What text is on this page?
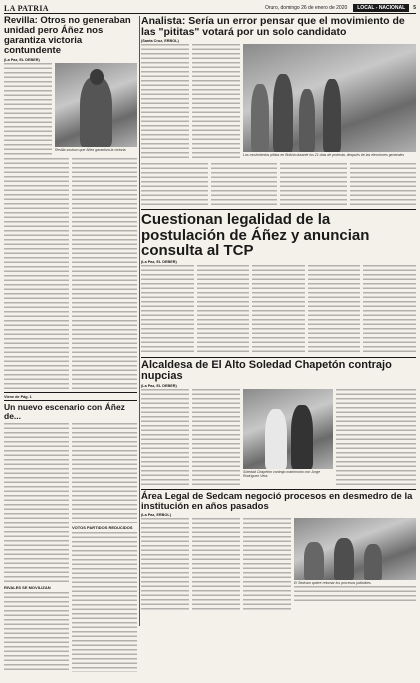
LA PATRIA	Oruro, domingo 26 de enero de 2020	LOCAL - NACIONAL	5
Revilla: Otros no generaban unidad pero Áñez nos garantiza victoria contundente
(La Paz, EL DEBER)
Revilla sostuvo que Áñez garantiza la victoria.
Viene de Pág. 1
Un nuevo escenario con Áñez de...
RIVALES SE MOVILIZAN
VOTOS PARTIDOS REDUCIDOS
Analista: Sería un error pensar que el movimiento de las "pititas" votará por un solo candidato
(Santa Cruz, ERBOL)
Los movimientos pititas en Bolivia durante los 21 días de protesta, después de las elecciones generales
Cuestionan legalidad de la postulación de Áñez y anuncian consulta al TCP
(La Paz, EL DEBER)
Alcaldesa de El Alto Soledad Chapetón contrajo nupcias
(La Paz, EL DEBER)
Soledad Chapetón contrajo matrimonio con Jorge Rodríguez Vera.
Área Legal de Sedcam negoció procesos en desmedro de la institución en años pasados
(La Paz, ERBOL)
El Sedcam quiere retomar los procesos judiciales.
